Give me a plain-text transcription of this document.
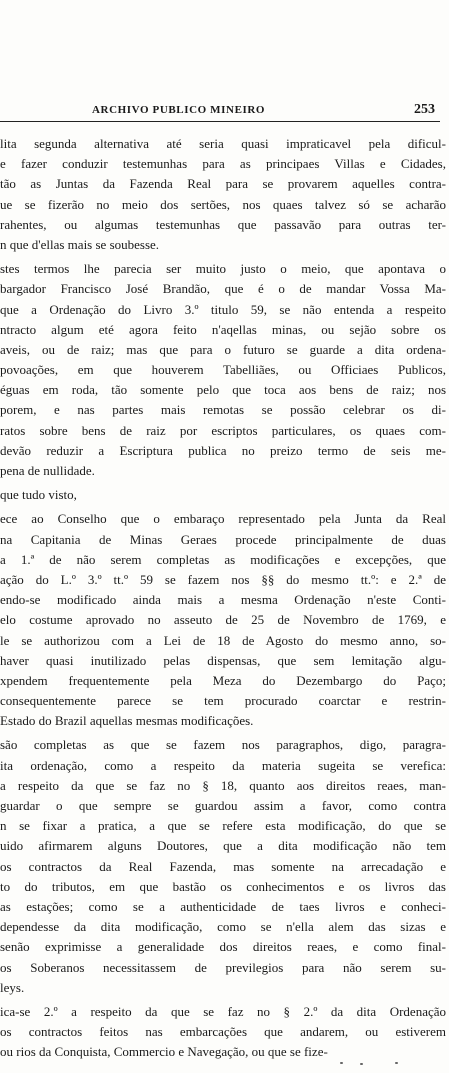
ARCHIVO PUBLICO MINEIRO	253
lita segunda alternativa até seria quasi impraticavel pela dificul-
e fazer conduzir testemunhas para as principaes Villas e Cidades,
tão as Juntas da Fazenda Real para se provarem aquelles contra-
ue se fizerão no meio dos sertões, nos quaes talvez só se acharão
rahentes, ou algumas testemunhas que passavão para outras ter-
n que d'ellas mais se soubesse.
stes termos lhe parecia ser muito justo o meio, que apontava o
bargador Francisco José Brandão, que é o de mandar Vossa Ma-
que a Ordenação do Livro 3.º titulo 59, se não entenda a respeito
ntracto algum eté agora feito n'aqellas minas, ou sejão sobre os
aveis, ou de raiz; mas que para o futuro se guarde a dita ordena-
povoações, em que houverem Tabelliães, ou Officiaes Publicos,
éguas em roda, tão somente pelo que toca aos bens de raiz; nos
porem, e nas partes mais remotas se possão celebrar os di-
ratos sobre bens de raiz por escriptos particulares, os quaes com-
devão reduzir a Escriptura publica no preizo termo de seis me-
pena de nullidade.
que tudo visto,
ece ao Conselho que o embaraço representado pela Junta da Real
na Capitania de Minas Geraes procede principalmente de duas
a 1.ª de não serem completas as modificações e excepções, que
ação do L.º 3.º tt.º 59 se fazem nos §§ do mesmo tt.º: e 2.ª de
endo-se modificado ainda mais a mesma Ordenação n'este Conti-
elo costume aprovado no asseuto de 25 de Novembro de 1769, e
le se authorizou com a Lei de 18 de Agosto do mesmo anno, so-
haver quasi inutilizado pelas dispensas, que sem lemitação algu-
xpendem frequentemente pela Meza do Dezembargo do Paço;
consequentemente parece se tem procurado coarctar e restrin-
Estado do Brazil aquellas mesmas modificações.
são completas as que se fazem nos paragraphos, digo, paragra-
ita ordenação, como a respeito da materia sugeita se verefica:
a respeito da que se faz no § 18, quanto aos direitos reaes, man-
guardar o que sempre se guardou assim a favor, como contra
n se fixar a pratica, a que se refere esta modificação, do que se
uido afirmarem alguns Doutores, que a dita modificação não tem
os contractos da Real Fazenda, mas somente na arrecadação e
to do tributos, em que bastão os conhecimentos e os livros das
as estações; como se a authenticidade de taes livros e conheci-
dependesse da dita modificação, como se n'ella alem das sizas e
senão exprimisse a generalidade dos direitos reaes, e como final-
os Soberanos necessitassem de previlegios para não serem su-
leys.
ica-se 2.º a respeito da que se faz no § 2.º da dita Ordenação
os contractos feitos nas embarcações que andarem, ou estiverem
ou rios da Conquista, Commercio e Navegação, ou que se fize-
